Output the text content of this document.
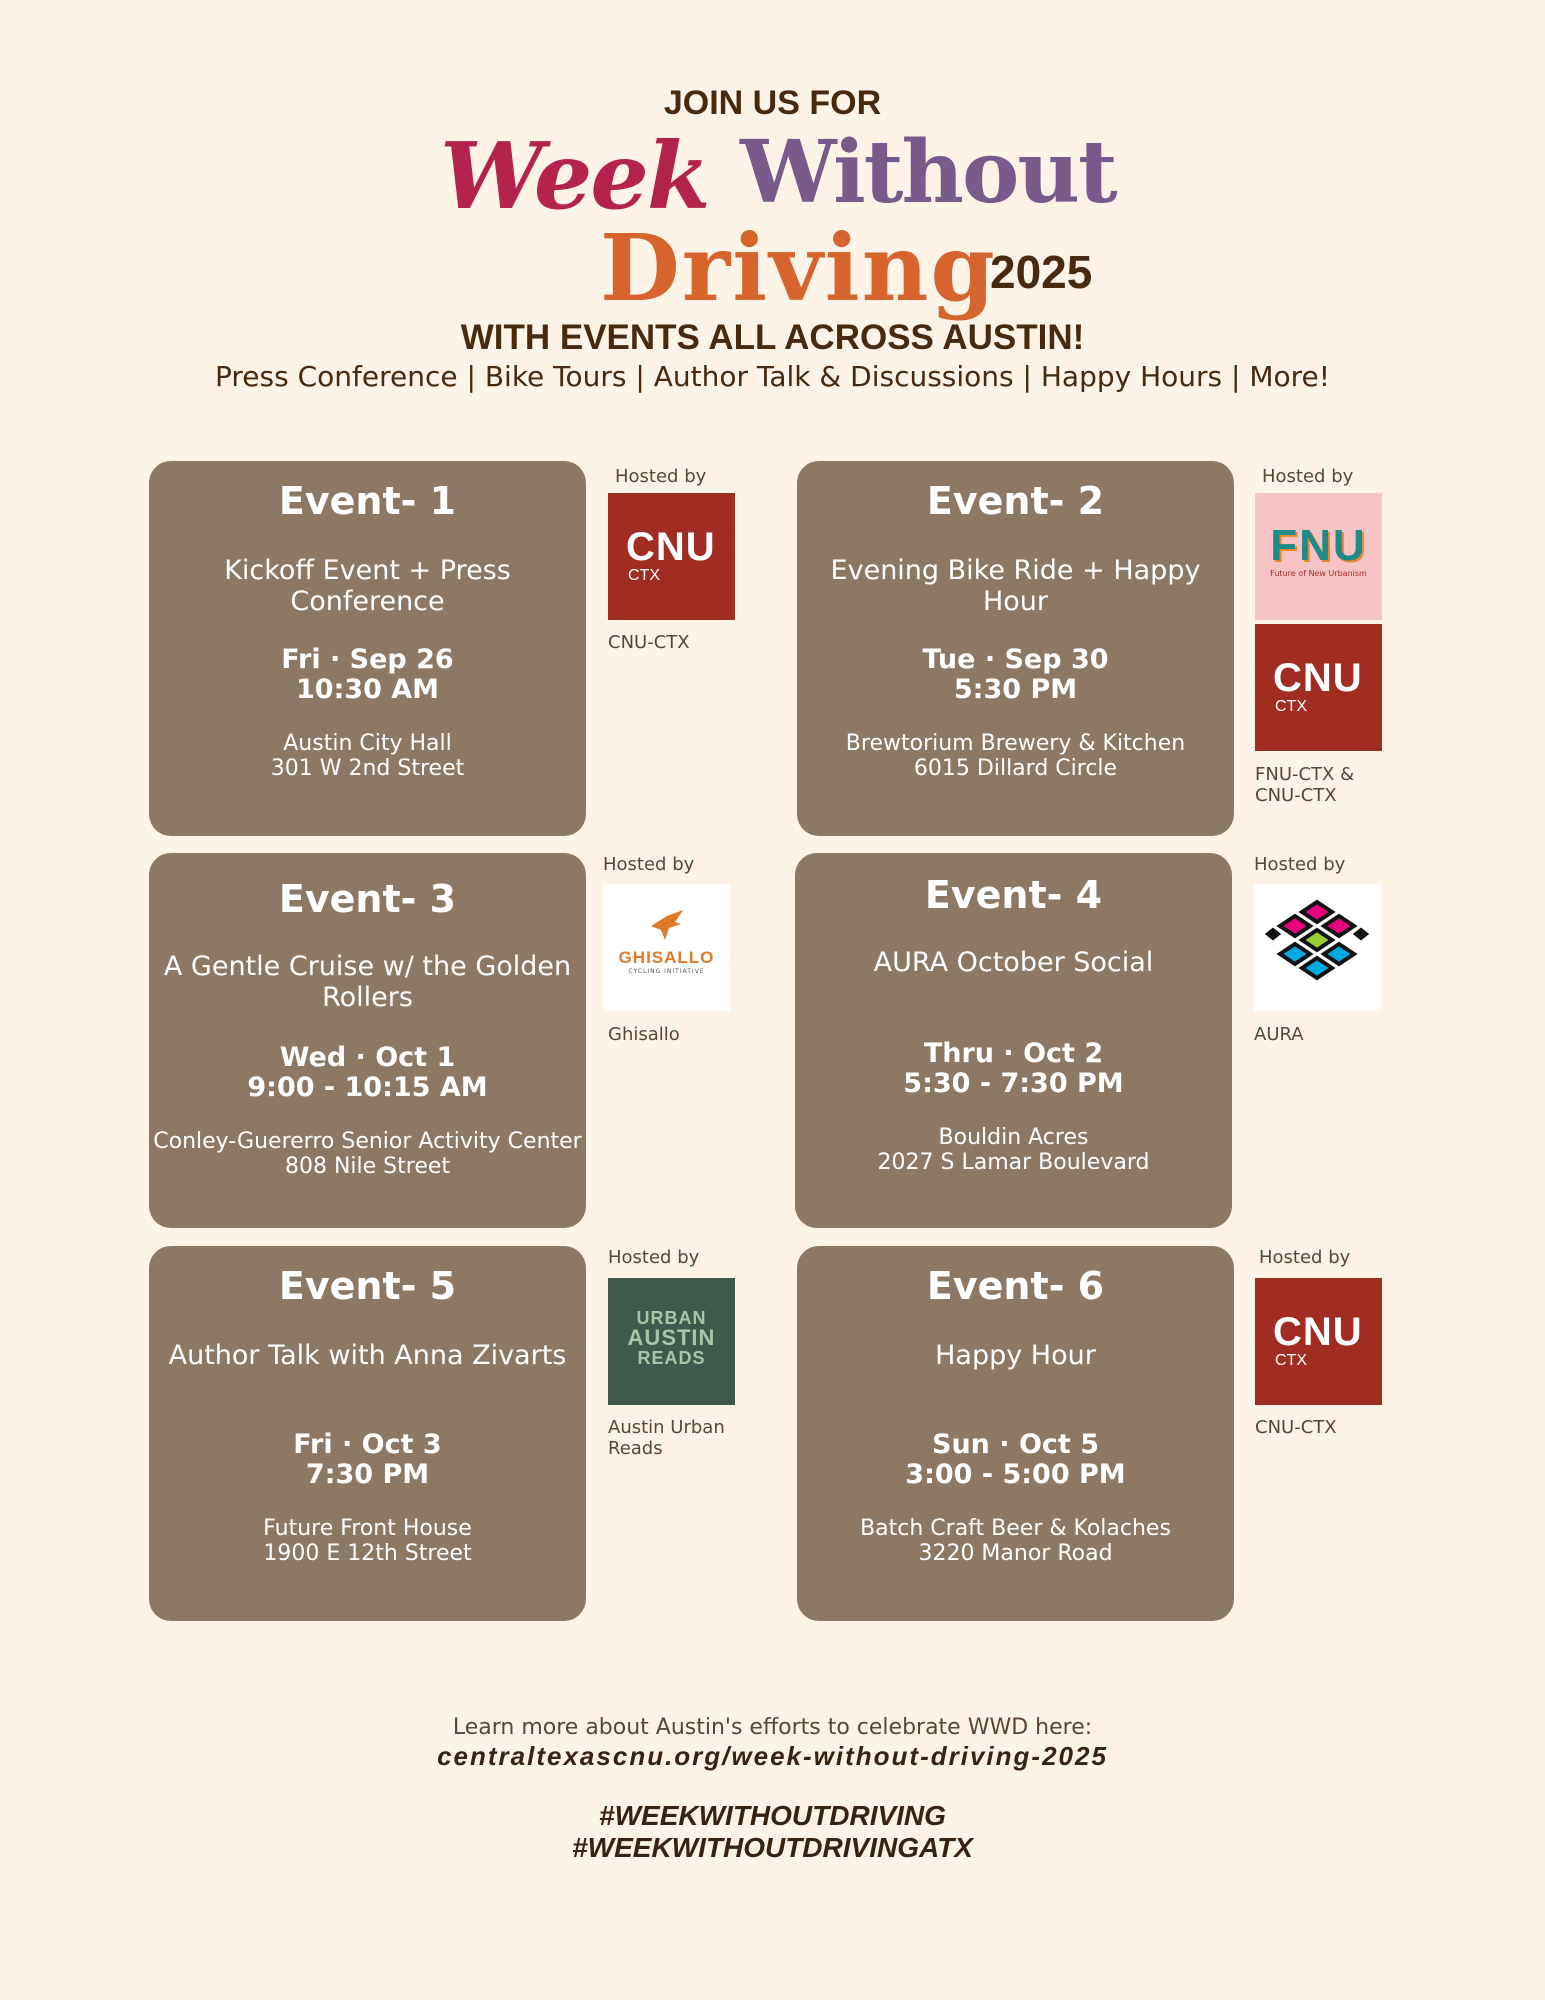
JOIN US FOR
Week Without
Driving
2025
WITH EVENTS ALL ACROSS AUSTIN!
Press Conference | Bike Tours | Author Talk & Discussions | Happy Hours | More!
Event- 1
Kickoff Event + Press Conference
Fri · Sep 26
10:30 AM
Austin City Hall
301 W 2nd Street
Hosted by
CNU
CTX
CNU-CTX
Event- 2
Evening Bike Ride + Happy Hour
Tue · Sep 30
5:30 PM
Brewtorium Brewery & Kitchen
6015 Dillard Circle
Hosted by
FNU
Future of New Urbanism
CNU
CTX
FNU-CTX &
CNU-CTX
Event- 3
A Gentle Cruise w/ the Golden Rollers
Wed · Oct 1
9:00 - 10:15 AM
Conley-Guererro Senior Activity Center
808 Nile Street
Hosted by
GHISALLO
CYCLING INITIATIVE
Ghisallo
Event- 4
AURA October Social
Thru · Oct 2
5:30 - 7:30 PM
Bouldin Acres
2027 S Lamar Boulevard
Hosted by
AURA
Event- 5
Author Talk with Anna Zivarts
Fri · Oct 3
7:30 PM
Future Front House
1900 E 12th Street
Hosted by
URBAN
AUSTIN
READS
Austin Urban
Reads
Event- 6
Happy Hour
Sun · Oct 5
3:00 - 5:00 PM
Batch Craft Beer & Kolaches
3220 Manor Road
Hosted by
CNU
CTX
CNU-CTX
Learn more about Austin's efforts to celebrate WWD here:
centraltexascnu.org/week-without-driving-2025
#WEEKWITHOUTDRIVING
#WEEKWITHOUTDRIVINGATX
